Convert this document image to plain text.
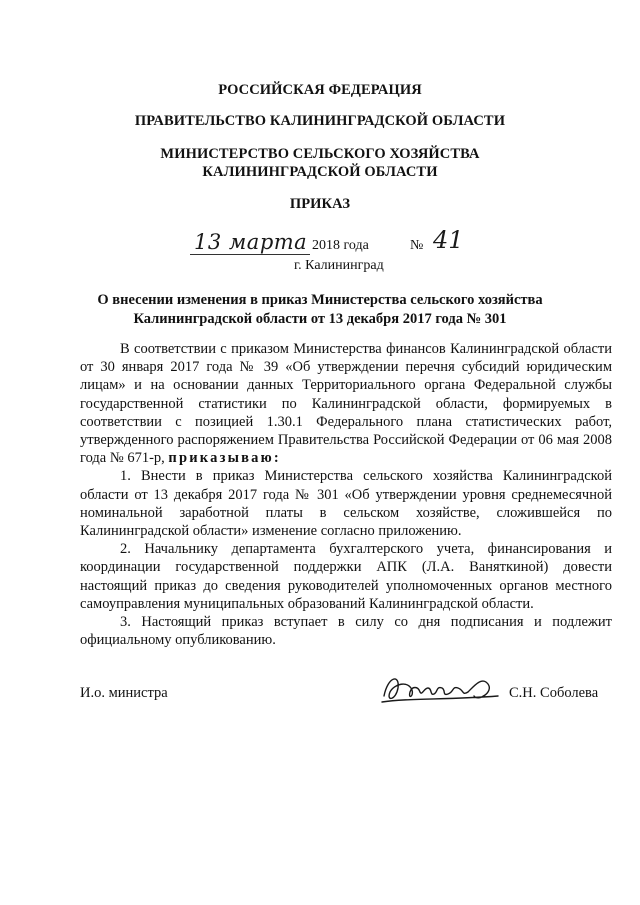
РОССИЙСКАЯ ФЕДЕРАЦИЯ
ПРАВИТЕЛЬСТВО КАЛИНИНГРАДСКОЙ ОБЛАСТИ
МИНИСТЕРСТВО СЕЛЬСКОГО ХОЗЯЙСТВА
КАЛИНИНГРАДСКОЙ ОБЛАСТИ
ПРИКАЗ
13 марта 2018 года	№ 41
г. Калининград
О внесении изменения в приказ Министерства сельского хозяйства
Калининградской области от 13 декабря 2017 года № 301

В соответствии с приказом Министерства финансов Калининградской области от 30 января 2017 года № 39 «Об утверждении перечня субсидий юридическим лицам» и на основании данных Территориального органа Федеральной службы государственной статистики по Калининградской области, формируемых в соответствии с позицией 1.30.1 Федерального плана статистических работ, утвержденного распоряжением Правительства Российской Федерации от 06 мая 2008 года № 671-р, приказываю:

1. Внести в приказ Министерства сельского хозяйства Калининградской области от 13 декабря 2017 года № 301 «Об утверждении уровня среднемесячной номинальной заработной платы в сельском хозяйстве, сложившейся по Калининградской области» изменение согласно приложению.

2. Начальнику департамента бухгалтерского учета, финансирования и координации государственной поддержки АПК (Л.А. Ваняткиной) довести настоящий приказ до сведения руководителей уполномоченных органов местного самоуправления муниципальных образований Калининградской области.

3. Настоящий приказ вступает в силу со дня подписания и подлежит официальному опубликованию.

И.о. министра	С.Н. Соболева
